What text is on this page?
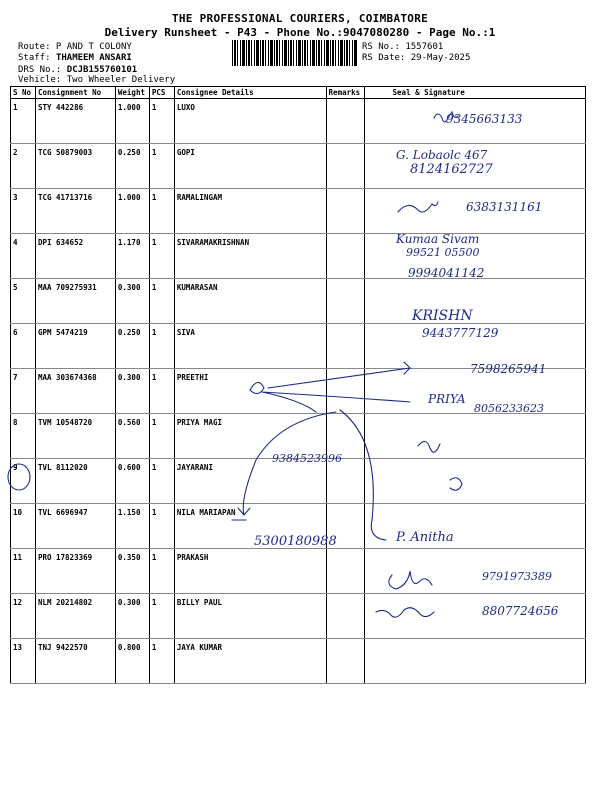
THE PROFESSIONAL COURIERS, COIMBATORE
Delivery Runsheet - P43 - Phone No.:9047080280 - Page No.:1
Route: P AND T COLONY
Staff: THAMEEM ANSARI
DRS No.: DCJB155760101
Vehicle: Two Wheeler Delivery
RS No.: 1557601
RS Date: 29-May-2025
S No	Consignment No	Weight	PCS	Consignee Details	Remarks	Seal & Signature
1	STY 442286	1.000	1	LUXO		
2	TCG 50879003	0.250	1	GOPI		
3	TCG 41713716	1.000	1	RAMALINGAM		
4	DPI 634652	1.170	1	SIVARAMAKRISHNAN		
5	MAA 709275931	0.300	1	KUMARASAN		
6	GPM 5474219	0.250	1	SIVA		
7	MAA 303674368	0.300	1	PREETHI		
8	TVM 10548720	0.560	1	PRIYA MAGI		
9	TVL 8112020	0.600	1	JAYARANI		
10	TVL 6696947	1.150	1	NILA MARIAPAN		
11	PRO 17823369	0.350	1	PRAKASH		
12	NLM 20214802	0.300	1	BILLY PAUL		
13	TNJ 9422570	0.800	1	JAYA KUMAR		
9345663133
G. Lobaolc 467
8124162727
6383131161
Kumaa Sivam
99521 05500
9994041142
KRISHN
9443777129
7598265941
PRIYA
8056233623
9384523996
5300180988	P. Anitha
9791973389
8807724656
